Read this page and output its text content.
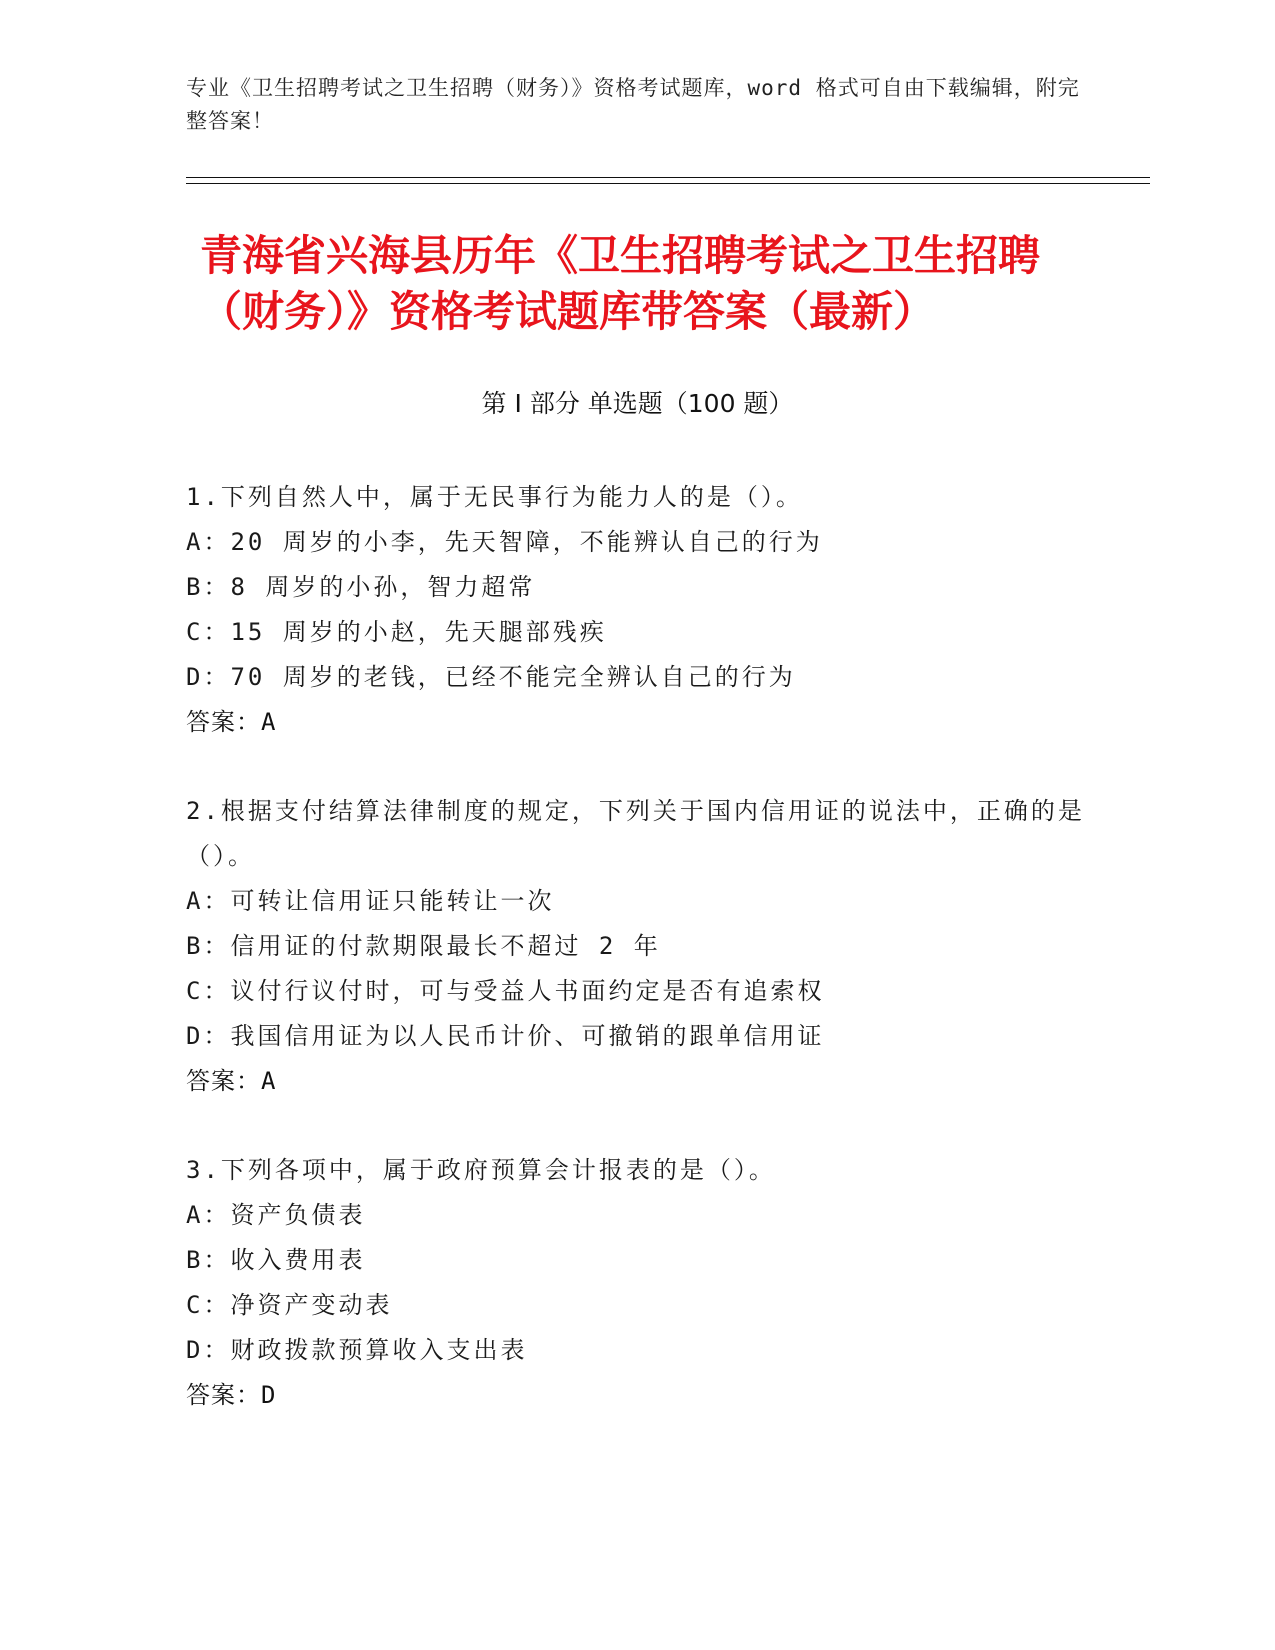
专业《卫生招聘考试之卫生招聘（财务）》资格考试题库，word 格式可自由下载编辑，附完整答案！
青海省兴海县历年《卫生招聘考试之卫生招聘（财务）》资格考试题库带答案（最新）
第 I 部分 单选题（100 题）
1.下列自然人中，属于无民事行为能力人的是（）。
A：20 周岁的小李，先天智障，不能辨认自己的行为
B：8 周岁的小孙，智力超常
C：15 周岁的小赵，先天腿部残疾
D：70 周岁的老钱，已经不能完全辨认自己的行为
答案：A
2.根据支付结算法律制度的规定，下列关于国内信用证的说法中，正确的是（）。
A：可转让信用证只能转让一次
B：信用证的付款期限最长不超过 2 年
C：议付行议付时，可与受益人书面约定是否有追索权
D：我国信用证为以人民币计价、可撤销的跟单信用证
答案：A
3.下列各项中，属于政府预算会计报表的是（）。
A：资产负债表
B：收入费用表
C：净资产变动表
D：财政拨款预算收入支出表
答案：D
